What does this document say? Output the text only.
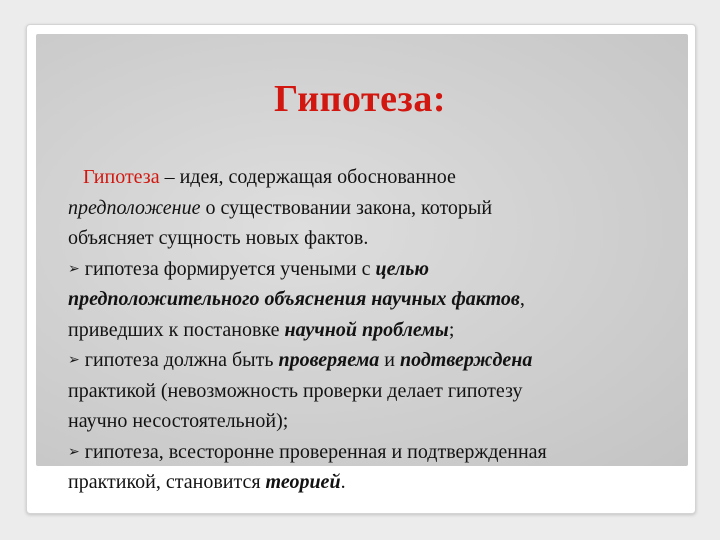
Гипотеза:
Гипотеза – идея, содержащая обоснованное
предположение о существовании закона, который
объясняет сущность новых фактов.
➢ гипотеза формируется учеными с целью
предположительного объяснения научных фактов,
приведших к постановке научной проблемы;
➢ гипотеза должна быть проверяема и подтверждена
практикой (невозможность проверки делает гипотезу
научно несостоятельной);
➢ гипотеза, всесторонне проверенная и подтвержденная
практикой, становится теорией.
